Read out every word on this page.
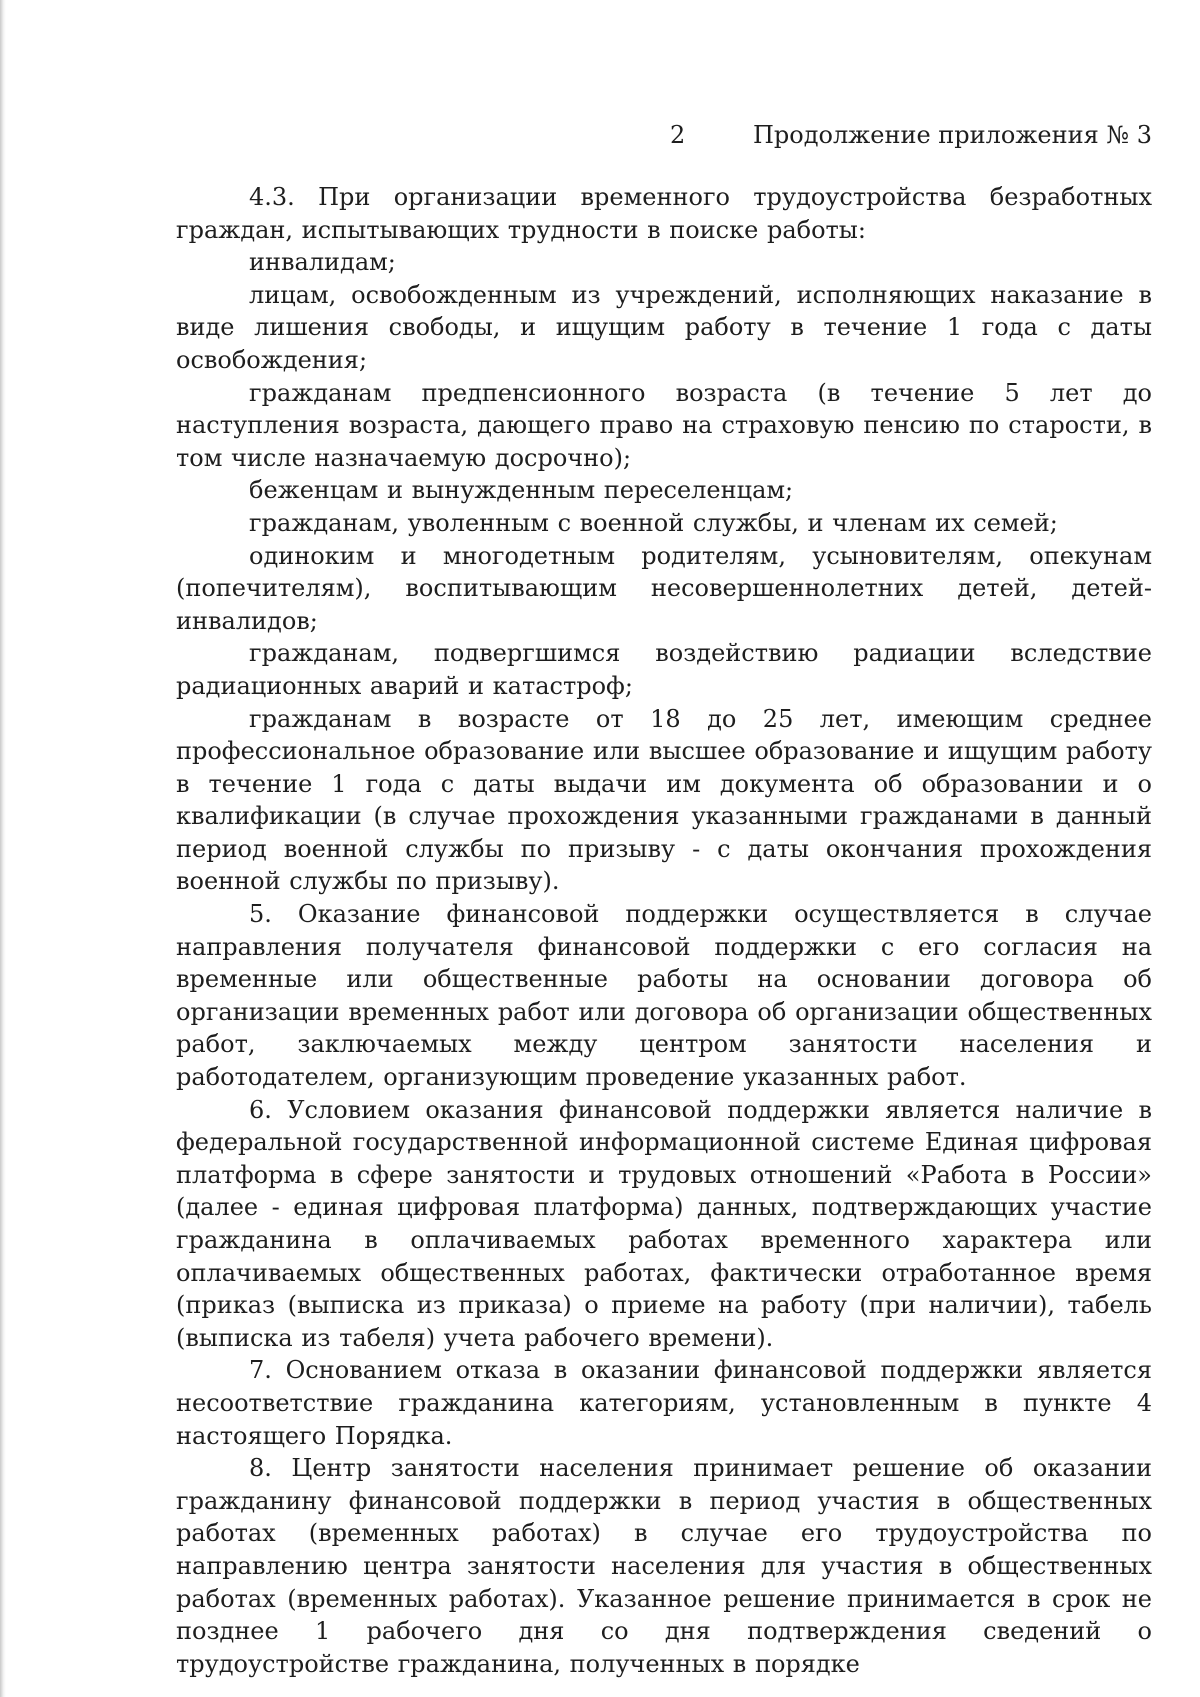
2	Продолжение приложения № 3

4.3. При организации временного трудоустройства безработных граждан, испытывающих трудности в поиске работы:

инвалидам;

лицам, освобожденным из учреждений, исполняющих наказание в виде лишения свободы, и ищущим работу в течение 1 года с даты освобождения;

гражданам предпенсионного возраста (в течение 5 лет до наступления возраста, дающего право на страховую пенсию по старости, в том числе назначаемую досрочно);

беженцам и вынужденным переселенцам;

гражданам, уволенным с военной службы, и членам их семей;

одиноким и многодетным родителям, усыновителям, опекунам (попечителям), воспитывающим несовершеннолетних детей, детей-инвалидов;

гражданам, подвергшимся воздействию радиации вследствие радиационных аварий и катастроф;

гражданам в возрасте от 18 до 25 лет, имеющим среднее профессиональное образование или высшее образование и ищущим работу в течение 1 года с даты выдачи им документа об образовании и о квалификации (в случае прохождения указанными гражданами в данный период военной службы по призыву - с даты окончания прохождения военной службы по призыву).

5. Оказание финансовой поддержки осуществляется в случае направления получателя финансовой поддержки с его согласия на временные или общественные работы на основании договора об организации временных работ или договора об организации общественных работ, заключаемых между центром занятости населения и работодателем, организующим проведение указанных работ.

6. Условием оказания финансовой поддержки является наличие в федеральной государственной информационной системе Единая цифровая платформа в сфере занятости и трудовых отношений «Работа в России» (далее - единая цифровая платформа) данных, подтверждающих участие гражданина в оплачиваемых работах временного характера или оплачиваемых общественных работах, фактически отработанное время (приказ (выписка из приказа) о приеме на работу (при наличии), табель (выписка из табеля) учета рабочего времени).

7. Основанием отказа в оказании финансовой поддержки является несоответствие гражданина категориям, установленным в пункте 4 настоящего Порядка.

8. Центр занятости населения принимает решение об оказании гражданину финансовой поддержки в период участия в общественных работах (временных работах) в случае его трудоустройства по направлению центра занятости населения для участия в общественных работах (временных работах). Указанное решение принимается в срок не позднее 1 рабочего дня со дня подтверждения сведений о трудоустройстве гражданина, полученных в порядке
